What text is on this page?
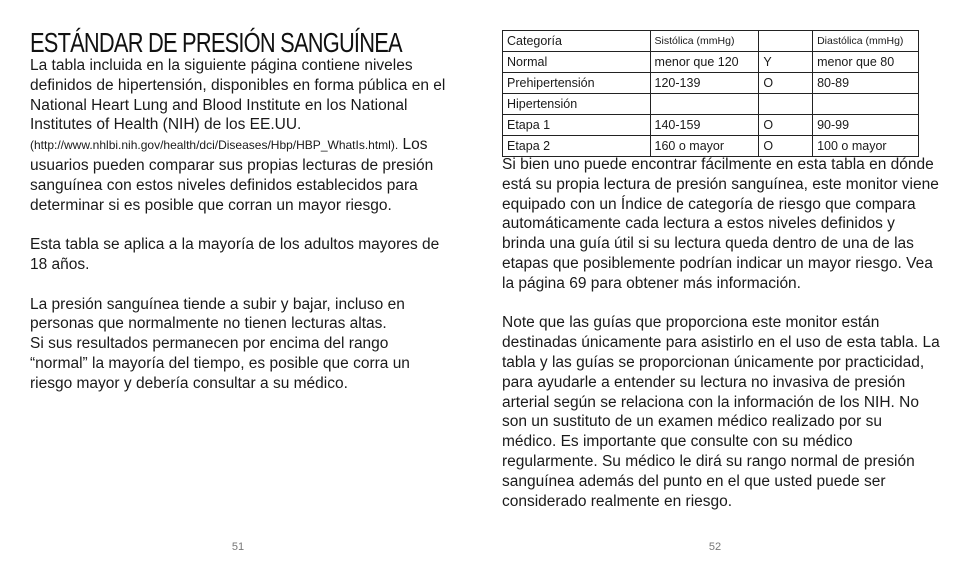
ESTÁNDAR DE PRESIÓN SANGUÍNEA

La tabla incluida en la siguiente página contiene niveles definidos de hipertensión, disponibles en forma pública en el National Heart Lung and Blood Institute en los National Institutes of Health (NIH) de los EE.UU. (http://www.nhlbi.nih.gov/health/dci/Diseases/Hbp/HBP_WhatIs.html). Los usuarios pueden comparar sus propias lecturas de presión sanguínea con estos niveles definidos establecidos para determinar si es posible que corran un mayor riesgo.

Esta tabla se aplica a la mayoría de los adultos mayores de 18 años.

La presión sanguínea tiende a subir y bajar, incluso en personas que normalmente no tienen lecturas altas.
Si sus resultados permanecen por encima del rango “normal” la mayoría del tiempo, es posible que corra un riesgo mayor y debería consultar a su médico.

51
Categoría	Sistólica (mmHg)		Diastólica (mmHg)
Normal	menor que 120	Y	menor que 80
Prehipertensión	120-139	O	80-89
Hipertensión			
Etapa 1	140-159	O	90-99
Etapa 2	160 o mayor	O	100 o mayor

Si bien uno puede encontrar fácilmente en esta tabla en dónde está su propia lectura de presión sanguínea, este monitor viene equipado con un Índice de categoría de riesgo que compara automáticamente cada lectura a estos niveles definidos y brinda una guía útil si su lectura queda dentro de una de las etapas que posiblemente podrían indicar un mayor riesgo. Vea la página 69 para obtener más información.

Note que las guías que proporciona este monitor están destinadas únicamente para asistirlo en el uso de esta tabla. La tabla y las guías se proporcionan únicamente por practicidad, para ayudarle a entender su lectura no invasiva de presión arterial según se relaciona con la información de los NIH. No son un sustituto de un examen médico realizado por su médico. Es importante que consulte con su médico regularmente. Su médico le dirá su rango normal de presión sanguínea además del punto en el que usted puede ser considerado realmente en riesgo.

52
